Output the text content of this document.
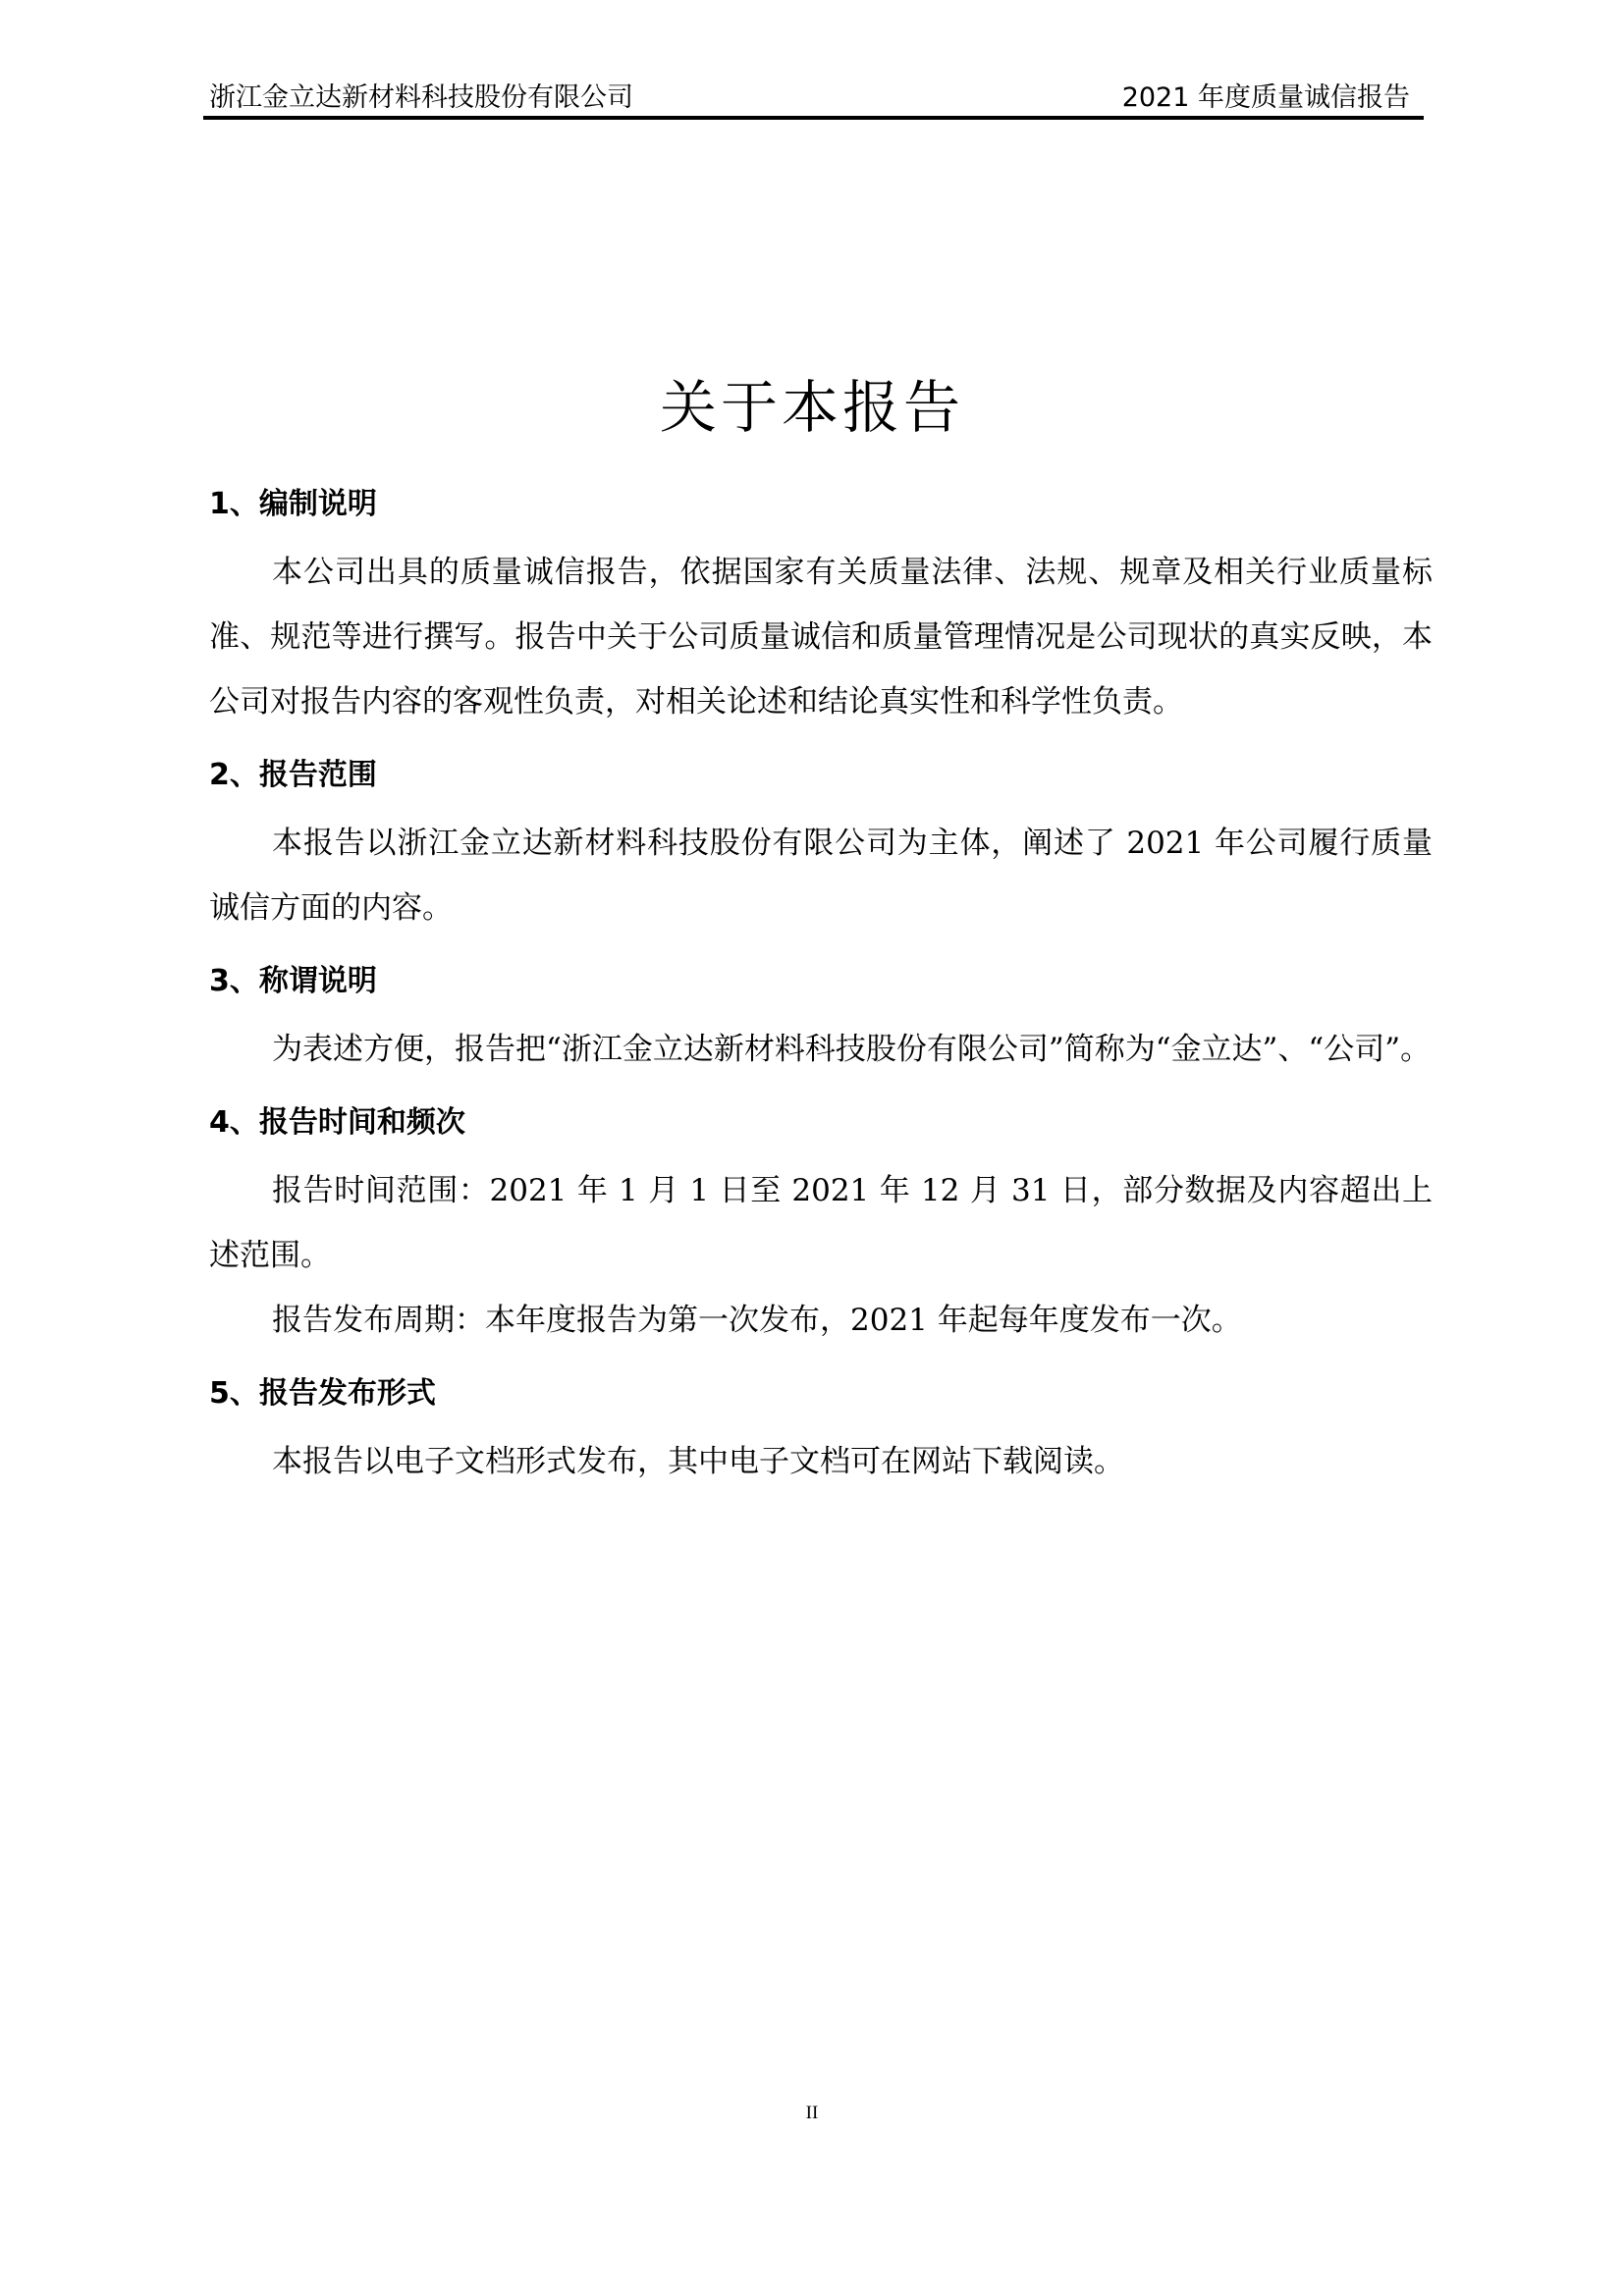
浙江金立达新材料科技股份有限公司	2021 年度质量诚信报告
关于本报告
1、编制说明

本公司出具的质量诚信报告，依据国家有关质量法律、法规、规章及相关行业质量标准、规范等进行撰写。报告中关于公司质量诚信和质量管理情况是公司现状的真实反映，本公司对报告内容的客观性负责，对相关论述和结论真实性和科学性负责。

2、报告范围

本报告以浙江金立达新材料科技股份有限公司为主体，阐述了 2021 年公司履行质量诚信方面的内容。

3、称谓说明

为表述方便，报告把“浙江金立达新材料科技股份有限公司”简称为“金立达”、“公司”。

4、报告时间和频次

报告时间范围：2021 年 1 月 1 日至 2021 年 12 月 31 日，部分数据及内容超出上述范围。

报告发布周期：本年度报告为第一次发布，2021 年起每年度发布一次。

5、报告发布形式

本报告以电子文档形式发布，其中电子文档可在网站下载阅读。

II
